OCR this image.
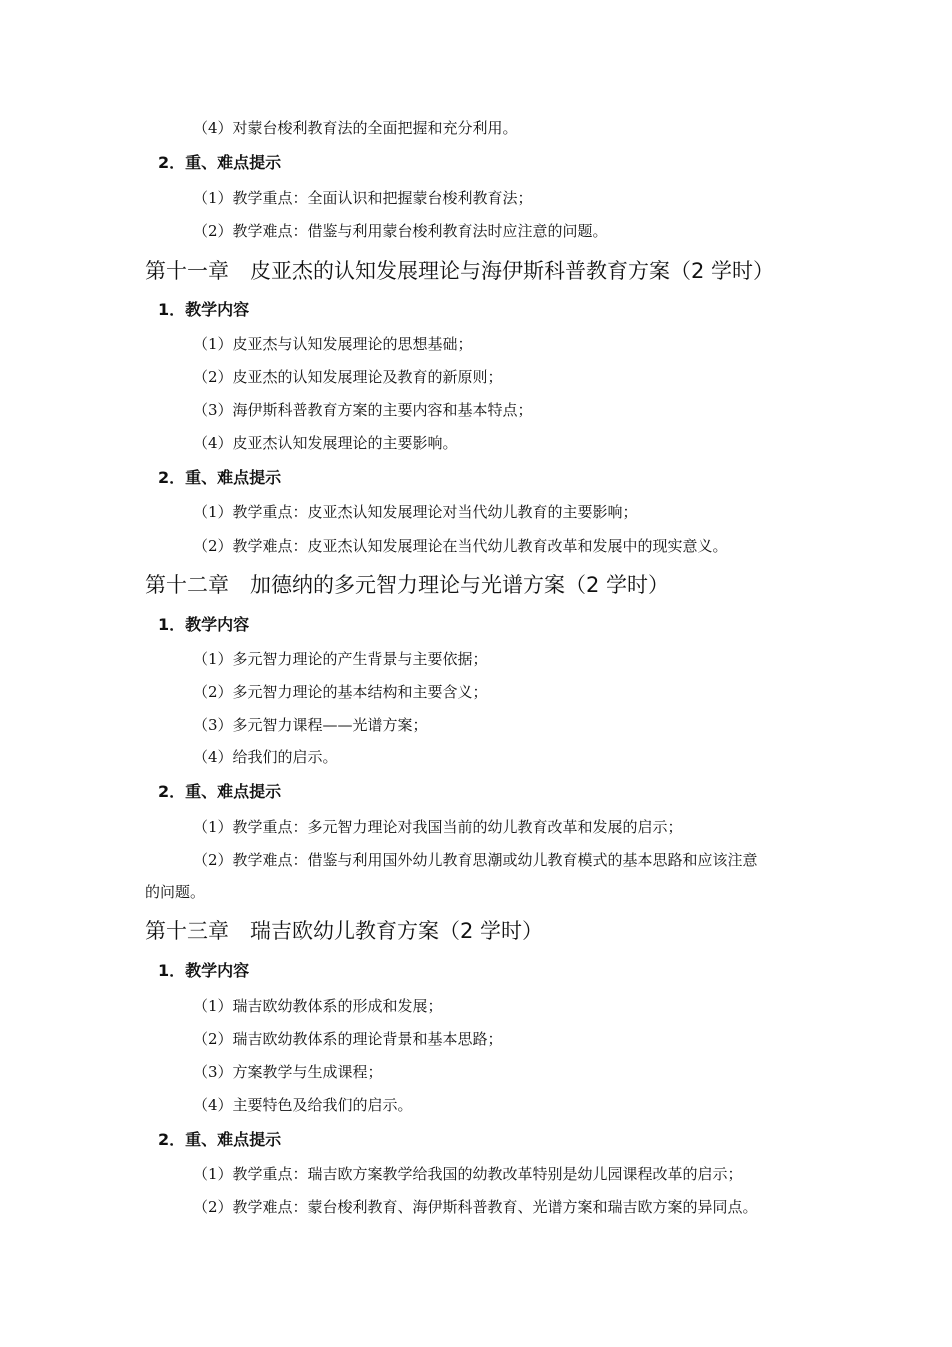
（4）对蒙台梭利教育法的全面把握和充分利用。
2．重、难点提示
（1）教学重点：全面认识和把握蒙台梭利教育法；
（2）教学难点：借鉴与利用蒙台梭利教育法时应注意的问题。
第十一章　皮亚杰的认知发展理论与海伊斯科普教育方案（2 学时）
1．教学内容
（1）皮亚杰与认知发展理论的思想基础；
（2）皮亚杰的认知发展理论及教育的新原则；
（3）海伊斯科普教育方案的主要内容和基本特点；
（4）皮亚杰认知发展理论的主要影响。
2．重、难点提示
（1）教学重点：皮亚杰认知发展理论对当代幼儿教育的主要影响；
（2）教学难点：皮亚杰认知发展理论在当代幼儿教育改革和发展中的现实意义。
第十二章　加德纳的多元智力理论与光谱方案（2 学时）
1．教学内容
（1）多元智力理论的产生背景与主要依据；
（2）多元智力理论的基本结构和主要含义；
（3）多元智力课程——光谱方案；
（4）给我们的启示。
2．重、难点提示
（1）教学重点：多元智力理论对我国当前的幼儿教育改革和发展的启示；
（2）教学难点：借鉴与利用国外幼儿教育思潮或幼儿教育模式的基本思路和应该注意
的问题。
第十三章　瑞吉欧幼儿教育方案（2 学时）
1．教学内容
（1）瑞吉欧幼教体系的形成和发展；
（2）瑞吉欧幼教体系的理论背景和基本思路；
（3）方案教学与生成课程；
（4）主要特色及给我们的启示。
2．重、难点提示
（1）教学重点：瑞吉欧方案教学给我国的幼教改革特别是幼儿园课程改革的启示；
（2）教学难点：蒙台梭利教育、海伊斯科普教育、光谱方案和瑞吉欧方案的异同点。
